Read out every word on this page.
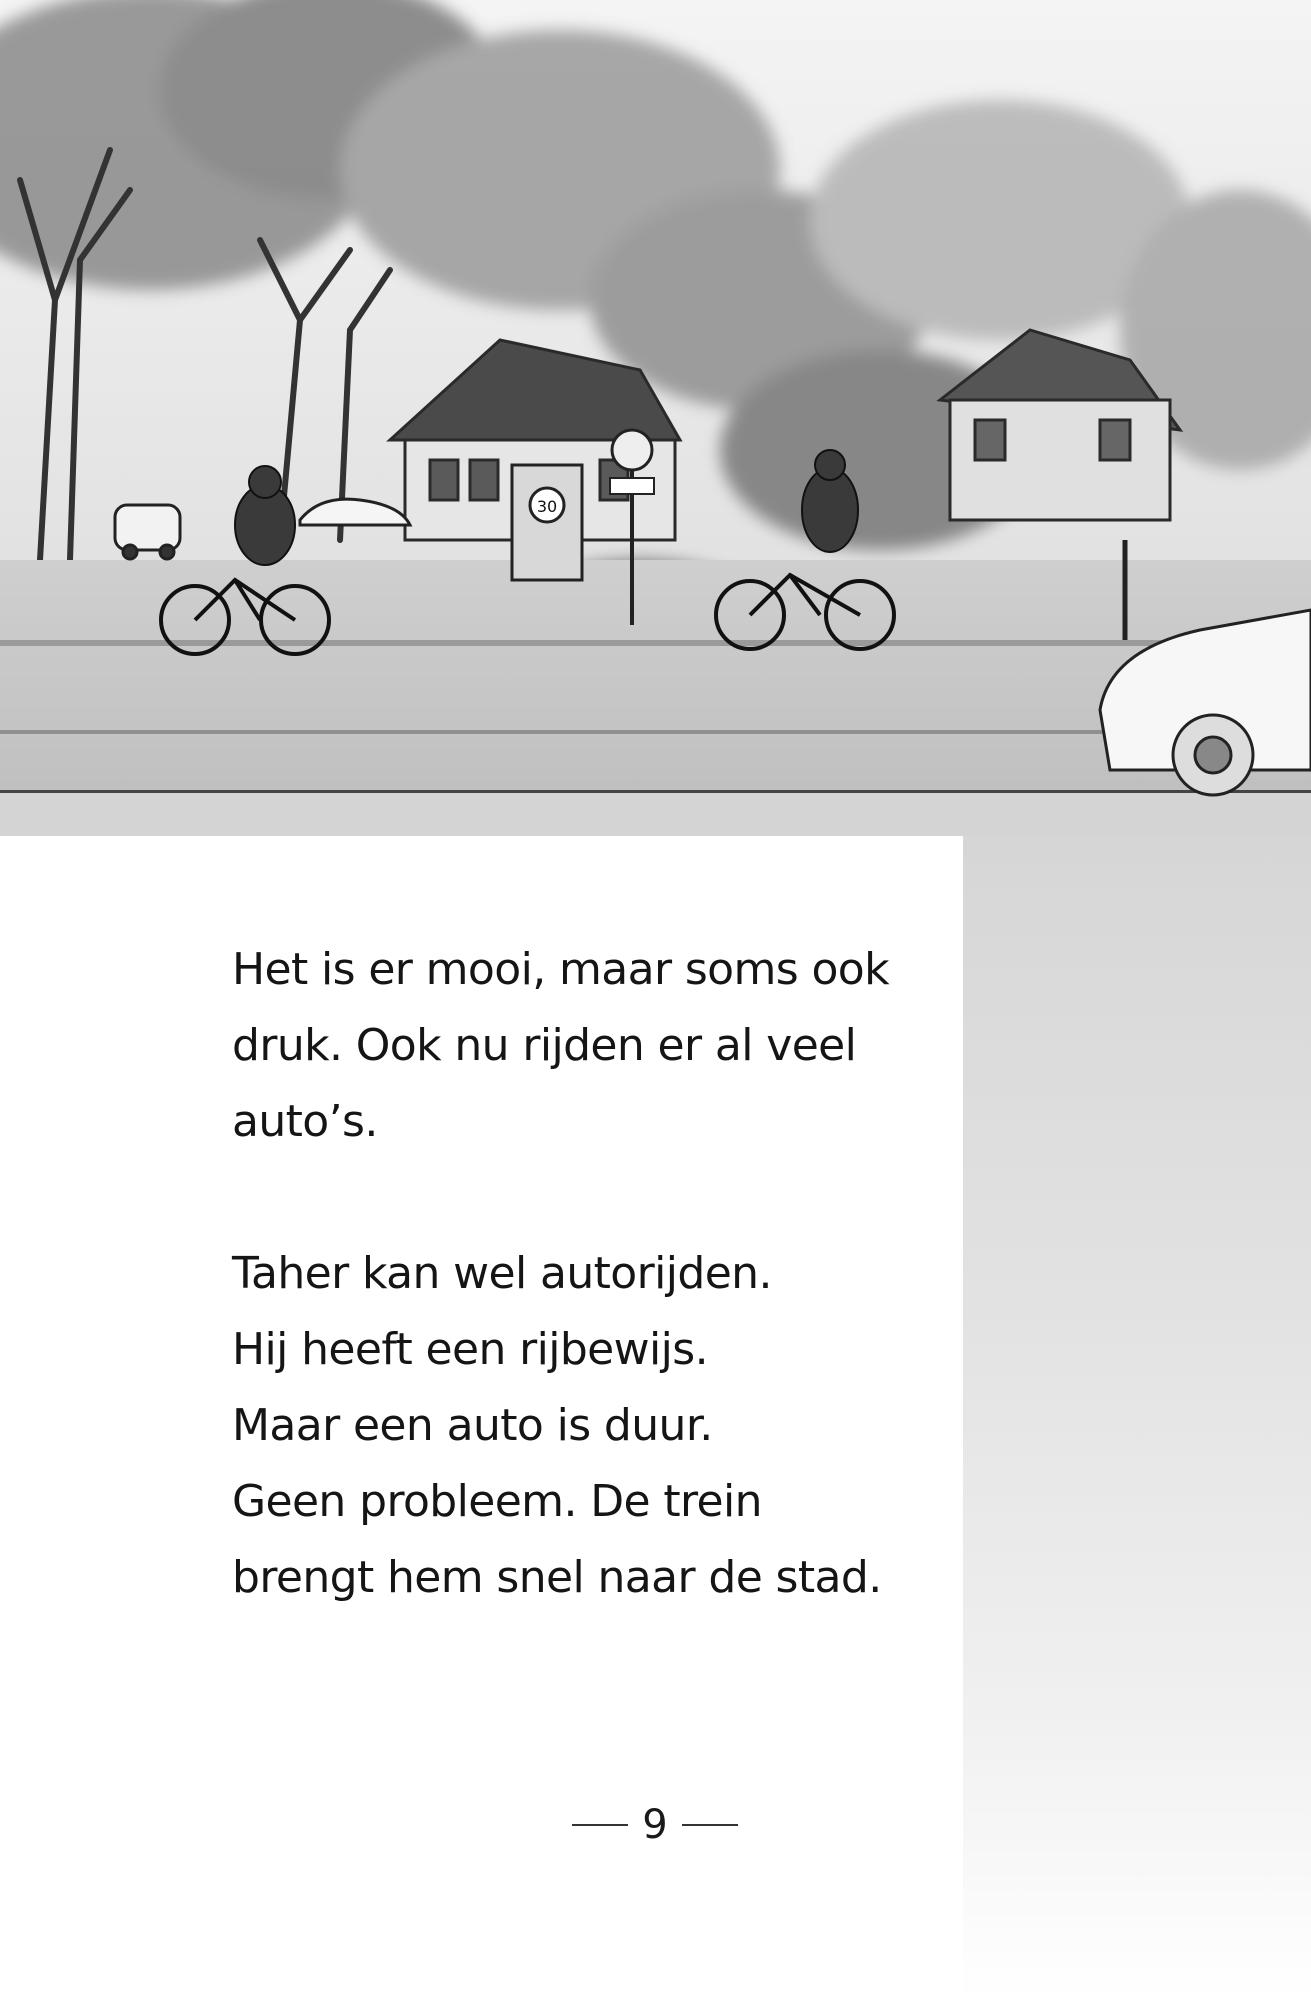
30

Het is er mooi, maar soms ook
druk. Ook nu rijden er al veel
auto’s.

Taher kan wel autorijden.
Hij heeft een rijbewijs.
Maar een auto is duur.
Geen probleem. De trein
brengt hem snel naar de stad.

9
